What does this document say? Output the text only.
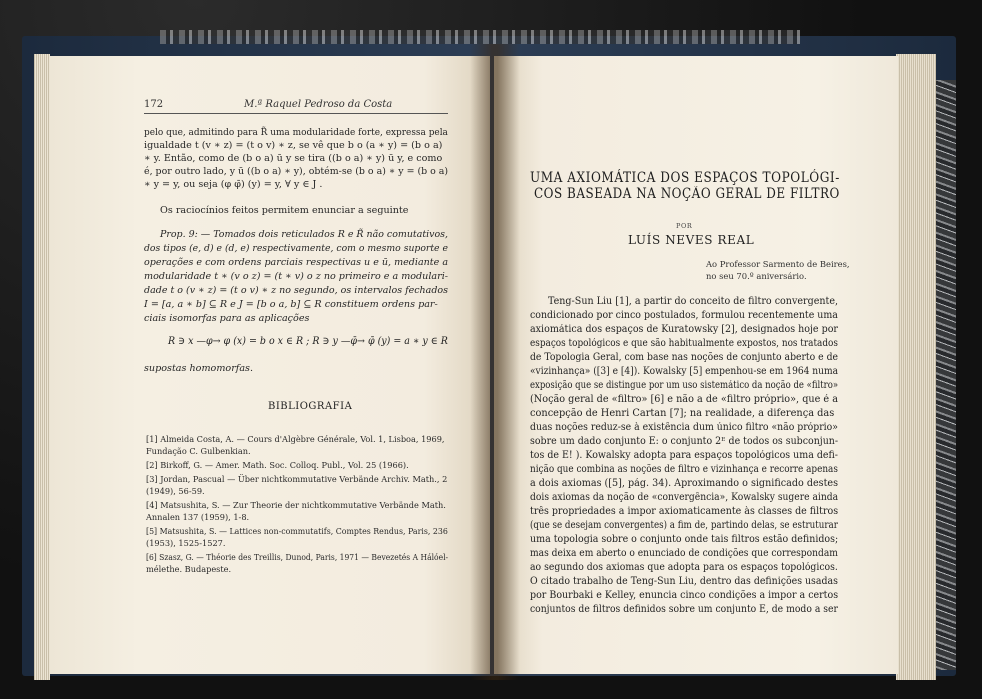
172	M.ª Raquel Pedroso da Costa

pelo que, admitindo para R̃ uma modularidade forte, expressa pela

igualdade t (v ∗ z) = (t o v) ∗ z, se vê que b o (a ∗ y) = (b o a)

∗ y. Então, como de (b o a) ū y se tira ((b o a) ∗ y) ū y, e como

é, por outro lado, y ū ((b o a) ∗ y), obtém-se (b o a) ∗ y = (b o a)

∗ y = y, ou seja (φ φ̄) (y) = y, ∀ y ∈ J .

Os raciocínios feitos permitem enunciar a seguinte

Prop. 9: — Tomados dois reticulados R e R̃ não comutativos,

dos tipos (e, d) e (d, e) respectivamente, com o mesmo suporte e

operações e com ordens parciais respectivas u e ū, mediante a

modularidade t ∗ (v o z) = (t ∗ v) o z no primeiro e a modulari-

dade t o (v ∗ z) = (t o v) ∗ z no segundo, os intervalos fechados

I = [a, a ∗ b] ⊆ R e J = [b o a, b] ⊆ R constituem ordens par-

ciais isomorfas para as aplicações

R ∋ x —φ→ φ (x) = b o x ∈ R ; R ∋ y —φ̄→ φ̄ (y) = a ∗ y ∈ R

supostas homomorfas.

BIBLIOGRAFIA

[1] Almeida Costa, A. — Cours d'Algèbre Générale, Vol. 1, Lisboa, 1969,

Fundação C. Gulbenkian.

[2] Birkoff, G. — Amer. Math. Soc. Colloq. Publ., Vol. 25 (1966).

[3] Jordan, Pascual — Über nichtkommutative Verbände Archiv. Math., 2

(1949), 56-59.

[4] Matsushita, S. — Zur Theorie der nichtkommutative Verbände Math.

Annalen 137 (1959), 1-8.

[5] Matsushita, S. — Lattices non-commutatifs, Comptes Rendus, Paris, 236

(1953), 1525-1527.

[6] Szasz, G. — Théorie des Treillis, Dunod, Paris, 1971 — Bevezetés A Hálóel-

mélethe. Budapeste.

UMA AXIOMÁTICA DOS ESPAÇOS TOPOLÓGI-

COS BASEADA NA NOÇÃO GERAL DE FILTRO

POR

LUÍS NEVES REAL

Ao Professor Sarmento de Beires,

no seu 70.º aniversário.

Teng-Sun Liu [1], a partir do conceito de filtro convergente,

condicionado por cinco postulados, formulou recentemente uma

axiomática dos espaços de Kuratowsky [2], designados hoje por

espaços topológicos e que são habitualmente expostos, nos tratados

de Topologia Geral, com base nas noções de conjunto aberto e de

«vizinhança» ([3] e [4]). Kowalsky [5] empenhou-se em 1964 numa

exposição que se distingue por um uso sistemático da noção de «filtro»

(Noção geral de «filtro» [6] e não a de «filtro próprio», que é a

concepção de Henri Cartan [7]; na realidade, a diferença das

duas noções reduz-se à existência dum único filtro «não próprio»

sobre um dado conjunto E: o conjunto 2ᴱ de todos os subconjun-

tos de E! ). Kowalsky adopta para espaços topológicos uma defi-

nição que combina as noções de filtro e vizinhança e recorre apenas

a dois axiomas ([5], pág. 34). Aproximando o significado destes

dois axiomas da noção de «convergência», Kowalsky sugere ainda

três propriedades a impor axiomaticamente às classes de filtros

(que se desejam convergentes) a fim de, partindo delas, se estruturar

uma topologia sobre o conjunto onde tais filtros estão definidos;

mas deixa em aberto o enunciado de condições que correspondam

ao segundo dos axiomas que adopta para os espaços topológicos.

O citado trabalho de Teng-Sun Liu, dentro das definições usadas

por Bourbaki e Kelley, enuncia cinco condições a impor a certos

conjuntos de filtros definidos sobre um conjunto E, de modo a ser
